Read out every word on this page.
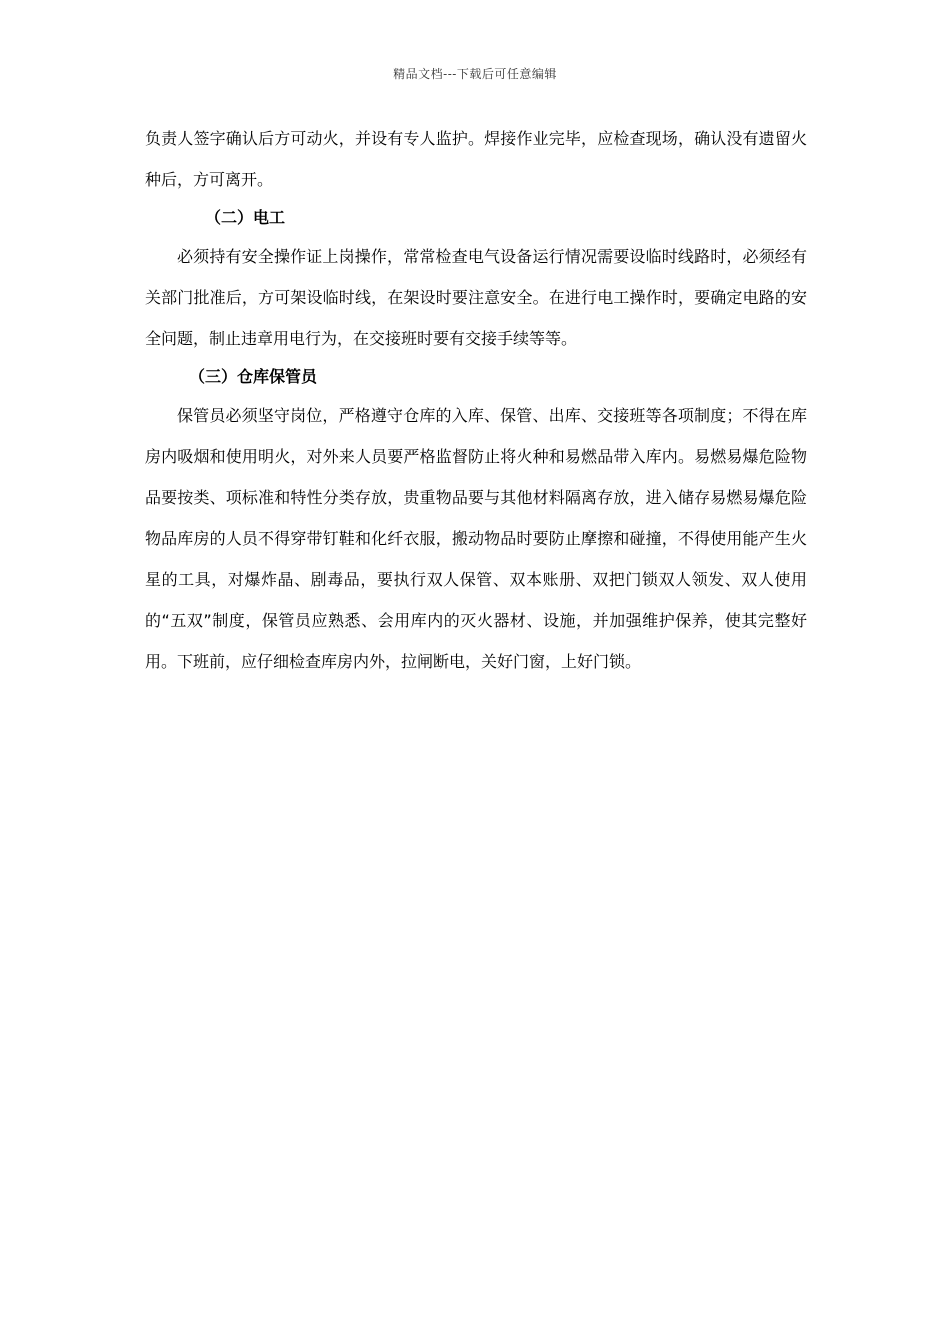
精品文档---下载后可任意编辑

负责人签字确认后方可动火，并设有专人监护。焊接作业完毕，应检查现场，确认没有遗留火种后，方可离开。

（二）电工

必须持有安全操作证上岗操作，常常检查电气设备运行情况需要设临时线路时，必须经有关部门批准后，方可架设临时线，在架设时要注意安全。在进行电工操作时，要确定电路的安全问题，制止违章用电行为，在交接班时要有交接手续等等。

（三）仓库保管员

保管员必须坚守岗位，严格遵守仓库的入库、保管、出库、交接班等各项制度；不得在库房内吸烟和使用明火，对外来人员要严格监督防止将火种和易燃品带入库内。易燃易爆危险物品要按类、项标准和特性分类存放，贵重物品要与其他材料隔离存放，进入储存易燃易爆危险物品库房的人员不得穿带钉鞋和化纤衣服，搬动物品时要防止摩擦和碰撞，不得使用能产生火星的工具，对爆炸晶、剧毒品，要执行双人保管、双本账册、双把门锁双人领发、双人使用的“五双”制度，保管员应熟悉、会用库内的灭火器材、设施，并加强维护保养，使其完整好用。下班前，应仔细检查库房内外，拉闸断电，关好门窗，上好门锁。
